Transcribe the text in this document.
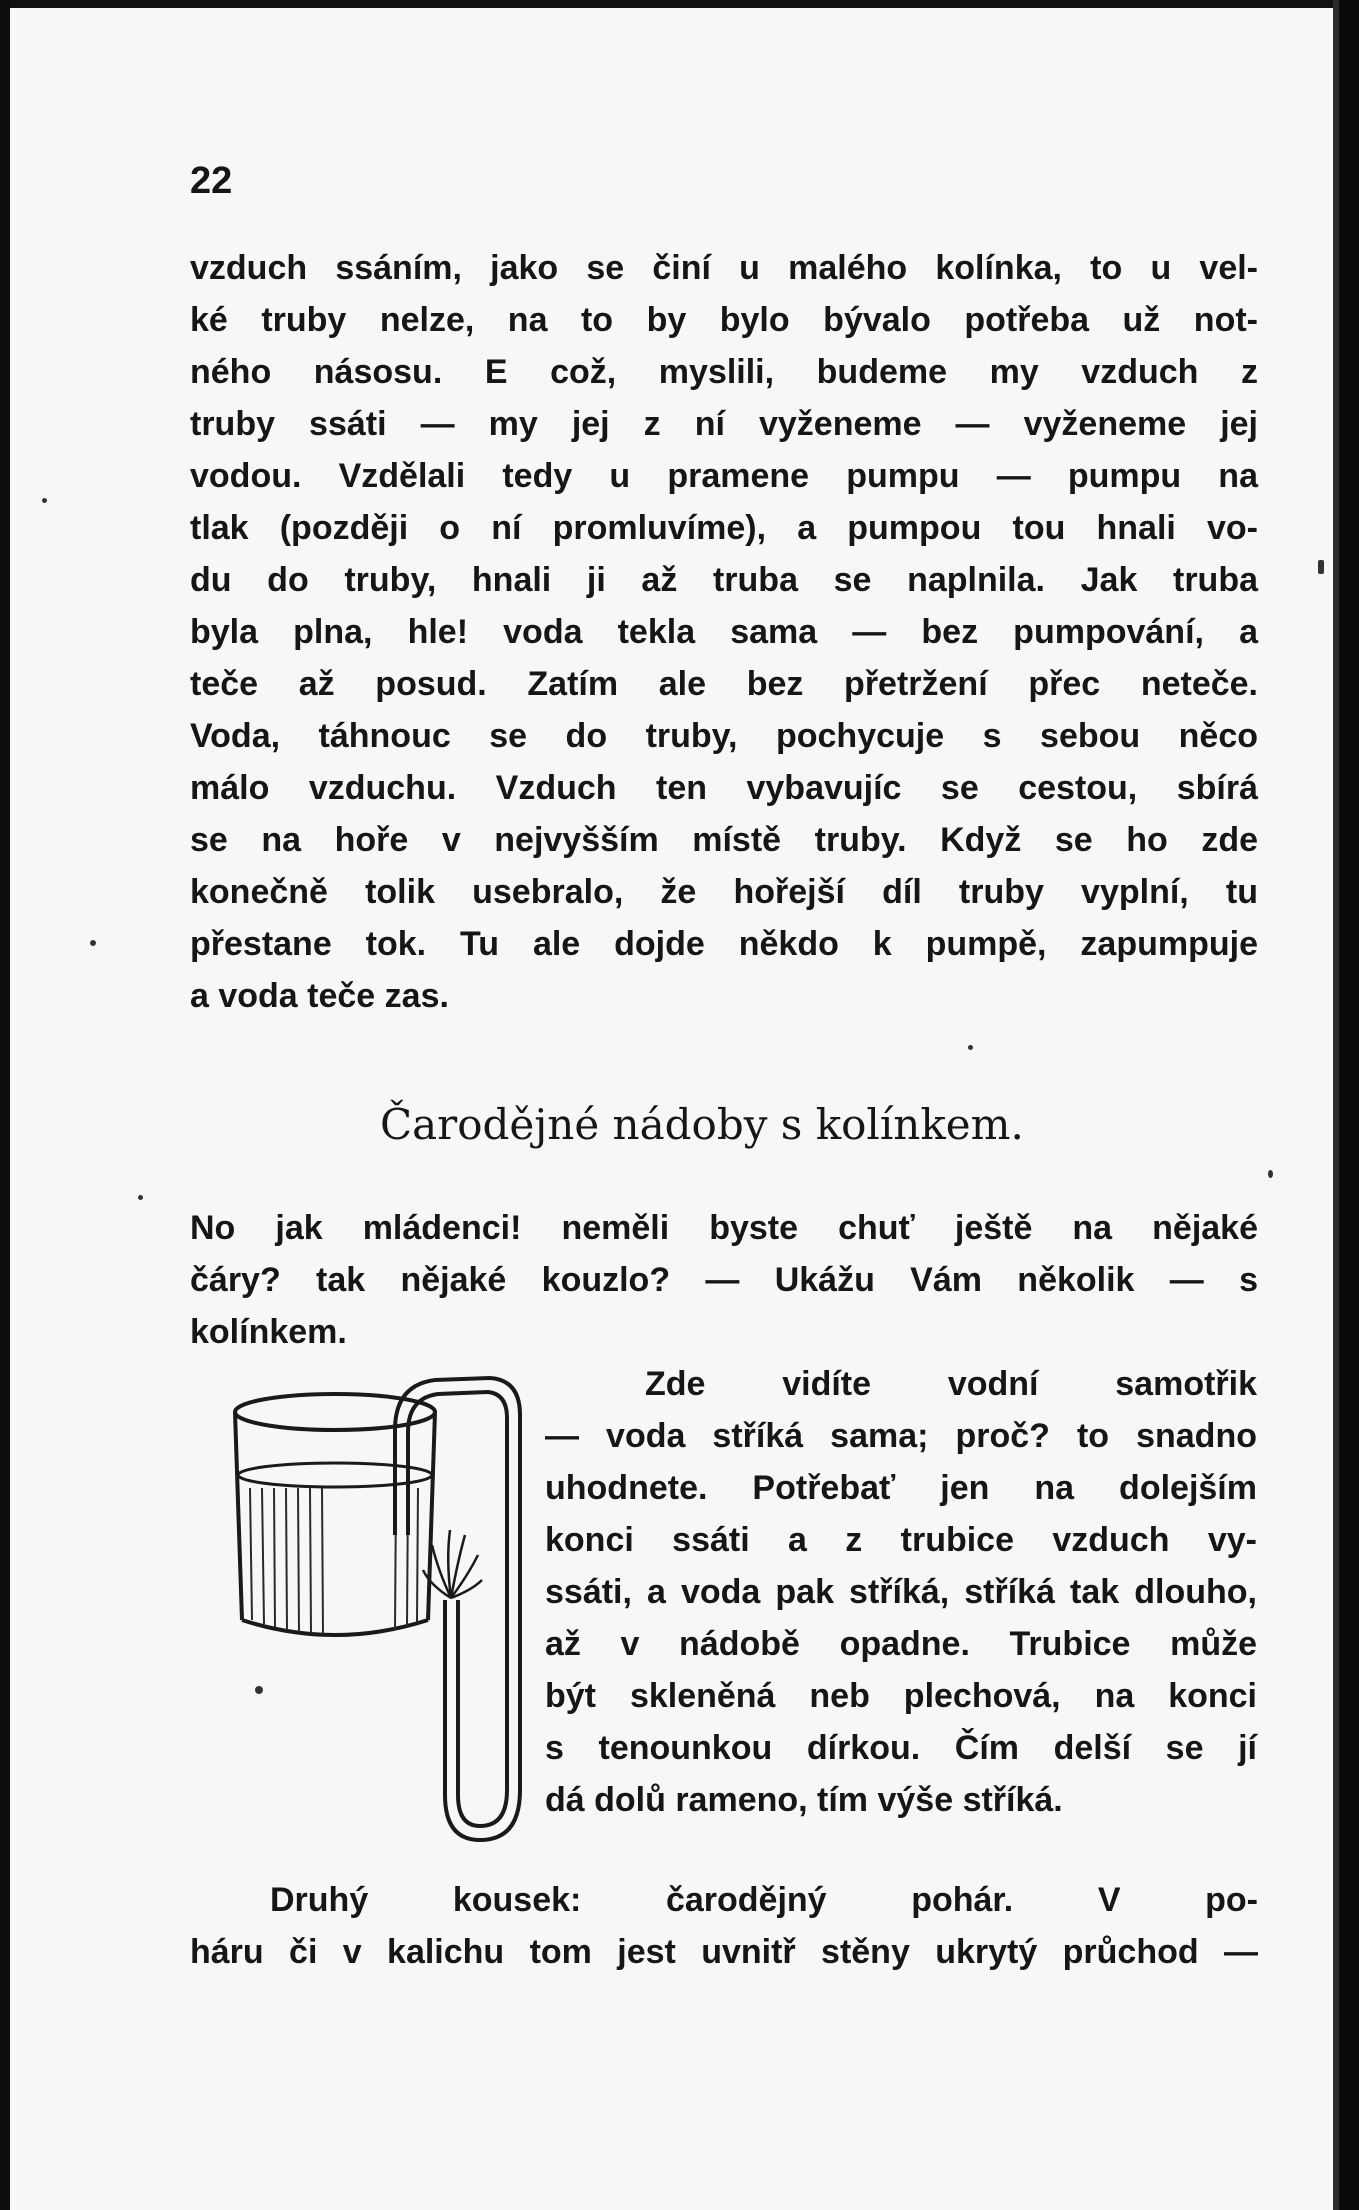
22
vzduch ssáním, jako se činí u malého kolínka, to u vel-
ké truby nelze, na to by bylo bývalo potřeba už not-
ného násosu. E což, myslili, budeme my vzduch z
truby ssáti — my jej z ní vyženeme — vyženeme jej
vodou. Vzdělali tedy u pramene pumpu — pumpu na
tlak (později o ní promluvíme), a pumpou tou hnali vo-
du do truby, hnali ji až truba se naplnila. Jak truba
byla plna, hle! voda tekla sama — bez pumpování, a
teče až posud. Zatím ale bez přetržení přec neteče.
Voda, táhnouc se do truby, pochycuje s sebou něco
málo vzduchu. Vzduch ten vybavujíc se cestou, sbírá
se na hoře v nejvyšším místě truby. Když se ho zde
konečně tolik usebralo, že hořejší díl truby vyplní, tu
přestane tok. Tu ale dojde někdo k pumpě, zapumpuje
a voda teče zas.
Čarodějné nádoby s kolínkem.
No jak mládenci! neměli byste chuť ještě na nějaké
čáry? tak nějaké kouzlo? — Ukážu Vám několik — s
kolínkem.
Zde vidíte vodní samotřik
— voda stříká sama; proč? to snadno
uhodnete. Potřebať jen na dolejším
konci ssáti a z trubice vzduch vy-
ssáti, a voda pak stříká, stříká tak dlouho,
až v nádobě opadne. Trubice může
být skleněná neb plechová, na konci
s tenounkou dírkou. Čím delší se jí
dá dolů rameno, tím výše stříká.
Druhý kousek: čarodějný pohár. V po-
háru či v kalichu tom jest uvnitř stěny ukrytý průchod —
